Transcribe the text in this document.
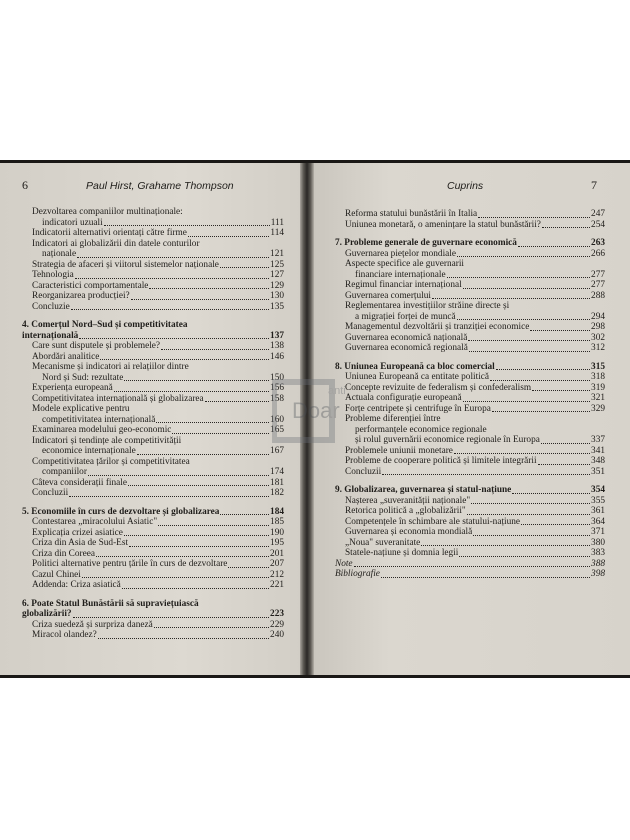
6	Paul Hirst, Grahame Thompson
Dezvoltarea companiilor multinaționale:
indicatori uzuali	111
Indicatorii alternativi orientați către firme	114
Indicatori ai globalizării din datele conturilor
naționale	121
Strategia de afaceri și viitorul sistemelor naționale	125
Tehnologia	127
Caracteristici comportamentale	129
Reorganizarea producției?	130
Concluzie	135
4. Comerțul Nord–Sud și competitivitatea
internațională	137
Care sunt disputele și problemele?	138
Abordări analitice	146
Mecanisme și indicatori ai relațiilor dintre
Nord și Sud: rezultate	150
Experiența europeană	156
Competitivitatea internațională și globalizarea	158
Modele explicative pentru
competitivitatea internațională	160
Examinarea modelului geo-economic	165
Indicatori și tendințe ale competitivității
economice internaționale	167
Competitivitatea țărilor și competitivitatea
companiilor	174
Câteva considerații finale	181
Concluzii	182
5. Economiile în curs de dezvoltare și globalizarea	184
Contestarea „miracolului Asiatic"	185
Explicația crizei asiatice	190
Criza din Asia de Sud-Est	195
Criza din Coreea	201
Politici alternative pentru țările în curs de dezvoltare	207
Cazul Chinei	212
Addenda: Criza asiatică	221
6. Poate Statul Bunăstării să supraviețuiască
globalizării?	223
Criza suedeză și surpriza daneză	229
Miracol olandez?	240
Cuprins	7
Reforma statului bunăstării în Italia	247
Uniunea monetară, o amenințare la statul bunăstării?	254
7. Probleme generale de guvernare economică	263
Guvernarea piețelor mondiale	266
Aspecte specifice ale guvernarii
financiare internaționale	277
Regimul financiar internațional	277
Guvernarea comerțului	288
Reglementarea investițiilor străine directe și
a migrației forței de muncă	294
Managementul dezvoltării și tranziției economice	298
Guvernarea economică națională	302
Guvernarea economică regională	312
8. Uniunea Europeană ca bloc comercial	315
Uniunea Europeană ca entitate politică	318
Concepte revizuite de federalism și confederalism	319
Actuala configurație europeană	321
Forțe centripete și centrifuge în Europa	329
Probleme diferenției între
performanțele economice regionale
și rolul guvernării economice regionale în Europa	337
Problemele uniunii monetare	341
Probleme de cooperare politică și limitele integrării	348
Concluzii	351
9. Globalizarea, guvernarea și statul-națiune	354
Nașterea „suveranității naționale"	355
Retorica politică a „globalizării"	361
Competențele în schimbare ale statului-națiune	364
Guvernarea și economia mondială	371
„Noua" suveranitate	380
Statele-națiune și domnia legii	383
Note	388
Bibliografie	398
anti
Doar
